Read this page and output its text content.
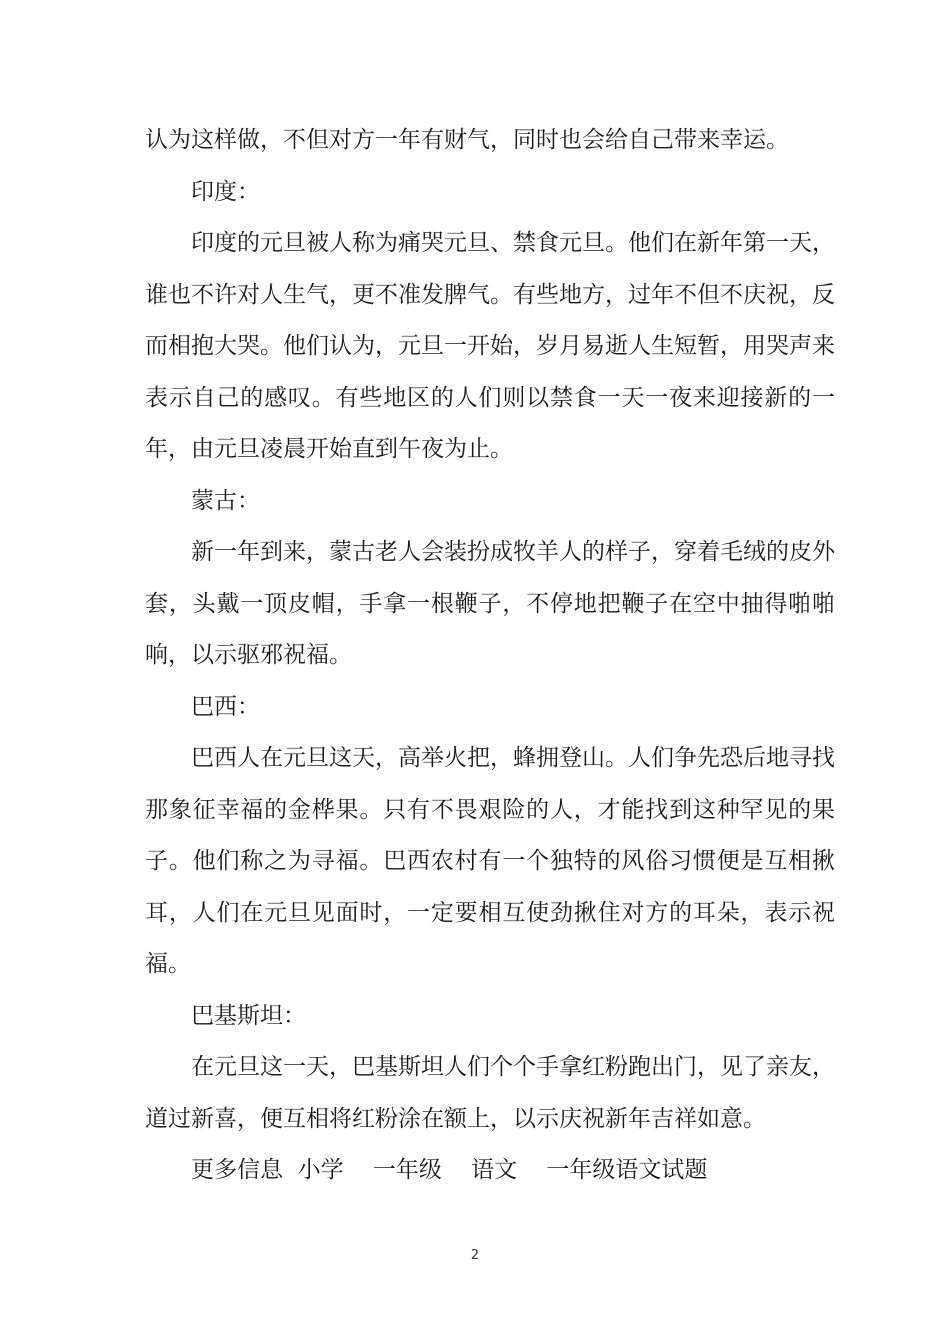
认为这样做，不但对方一年有财气，同时也会给自己带来幸运。

印度：

印度的元旦被人称为痛哭元旦、禁食元旦。他们在新年第一天，谁也不许对人生气，更不准发脾气。有些地方，过年不但不庆祝，反而相抱大哭。他们认为，元旦一开始，岁月易逝人生短暂，用哭声来表示自己的感叹。有些地区的人们则以禁食一天一夜来迎接新的一年，由元旦凌晨开始直到午夜为止。

蒙古：

新一年到来，蒙古老人会装扮成牧羊人的样子，穿着毛绒的皮外套，头戴一顶皮帽，手拿一根鞭子，不停地把鞭子在空中抽得啪啪响，以示驱邪祝福。

巴西：

巴西人在元旦这天，高举火把，蜂拥登山。人们争先恐后地寻找那象征幸福的金桦果。只有不畏艰险的人，才能找到这种罕见的果子。他们称之为寻福。巴西农村有一个独特的风俗习惯便是互相揪耳，人们在元旦见面时，一定要相互使劲揪住对方的耳朵，表示祝福。

巴基斯坦：

在元旦这一天，巴基斯坦人们个个手拿红粉跑出门，见了亲友，道过新喜，便互相将红粉涂在额上，以示庆祝新年吉祥如意。

更多信息  小学    一年级    语文    一年级语文试题

2
